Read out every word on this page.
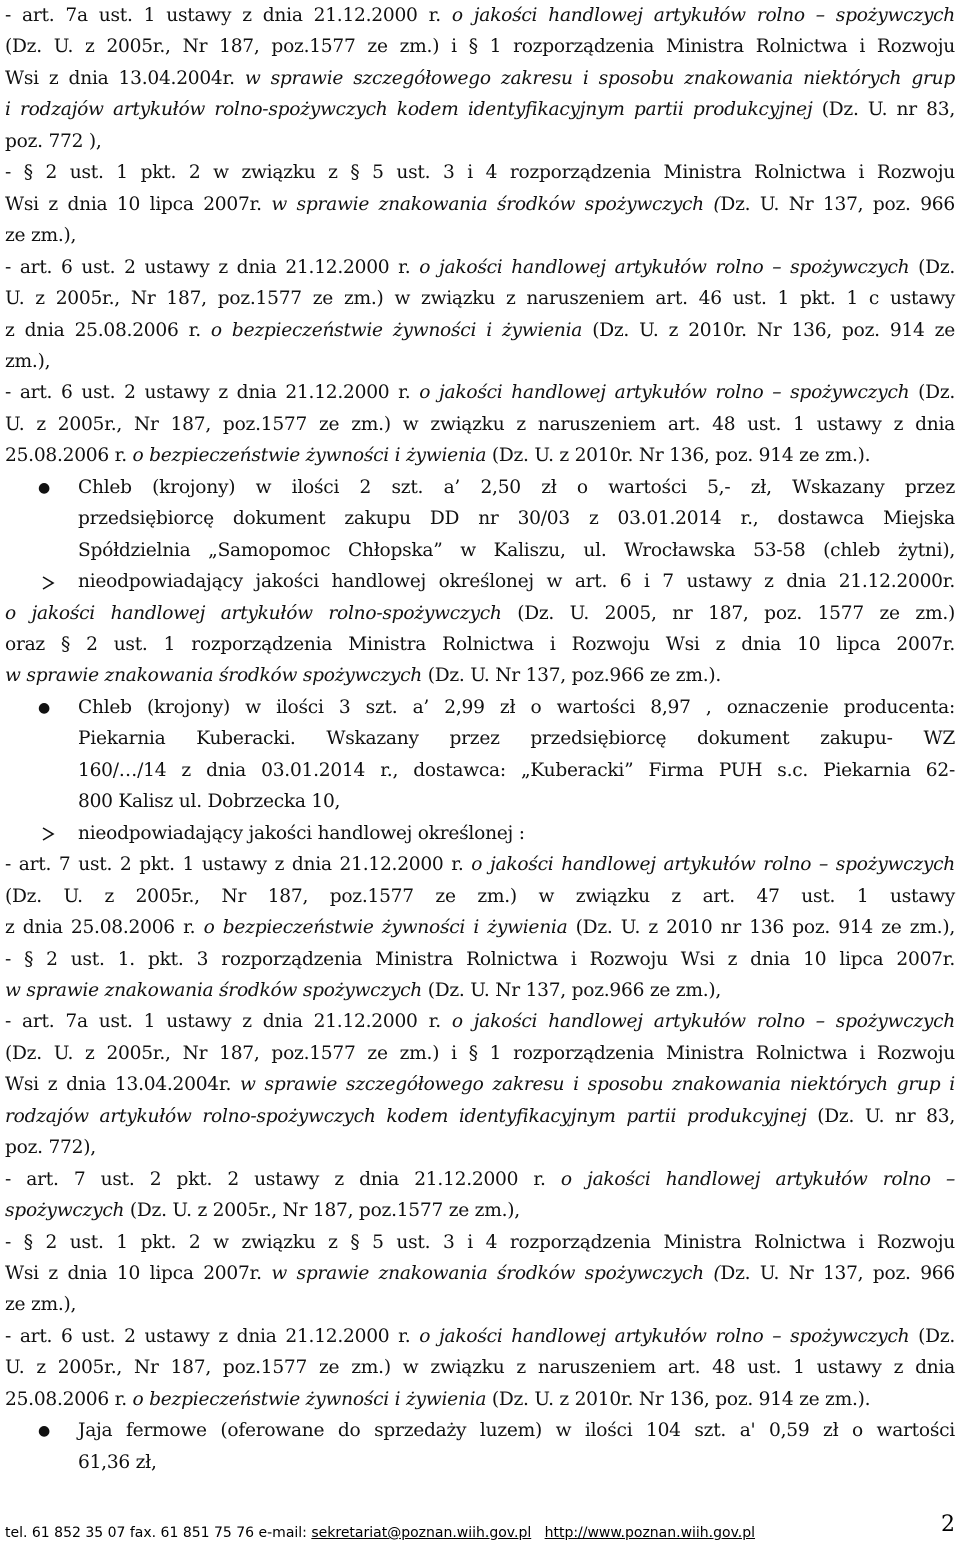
- art. 7a ust. 1 ustawy z dnia 21.12.2000 r. o jakości handlowej artykułów rolno – spożywczych
(Dz. U. z 2005r., Nr 187, poz.1577 ze zm.) i § 1 rozporządzenia Ministra Rolnictwa i Rozwoju
Wsi z dnia 13.04.2004r. w sprawie szczegółowego zakresu i sposobu znakowania niektórych grup
i rodzajów artykułów rolno-spożywczych kodem identyfikacyjnym partii produkcyjnej (Dz. U. nr 83,
poz. 772 ),
- § 2 ust. 1 pkt. 2 w związku z § 5 ust. 3 i 4 rozporządzenia Ministra Rolnictwa i Rozwoju
Wsi z dnia 10 lipca 2007r. w sprawie znakowania środków spożywczych (Dz. U. Nr 137, poz. 966
ze zm.),
- art. 6 ust. 2 ustawy z dnia 21.12.2000 r. o jakości handlowej artykułów rolno – spożywczych (Dz.
U. z 2005r., Nr 187, poz.1577 ze zm.) w związku z naruszeniem art. 46 ust. 1 pkt. 1 c ustawy
z dnia 25.08.2006 r. o bezpieczeństwie żywności i żywienia (Dz. U. z 2010r. Nr 136, poz. 914 ze
zm.),
- art. 6 ust. 2 ustawy z dnia 21.12.2000 r. o jakości handlowej artykułów rolno – spożywczych (Dz.
U. z 2005r., Nr 187, poz.1577 ze zm.) w związku z naruszeniem art. 48 ust. 1 ustawy z dnia
25.08.2006 r. o bezpieczeństwie żywności i żywienia (Dz. U. z 2010r. Nr 136, poz. 914 ze zm.).
Chleb (krojony) w ilości 2 szt. a’ 2,50 zł o wartości 5,- zł, Wskazany przez
●
przedsiębiorcę dokument zakupu DD nr 30/03 z 03.01.2014 r., dostawca Miejska
Spółdzielnia „Samopomoc Chłopska” w Kaliszu, ul. Wrocławska 53-58 (chleb żytni),
nieodpowiadający jakości handlowej określonej w art. 6 i 7 ustawy z dnia 21.12.2000r.
o jakości handlowej artykułów rolno-spożywczych (Dz. U. 2005, nr 187, poz. 1577 ze zm.)
oraz § 2 ust. 1 rozporządzenia Ministra Rolnictwa i Rozwoju Wsi z dnia 10 lipca 2007r.
w sprawie znakowania środków spożywczych (Dz. U. Nr 137, poz.966 ze zm.).
Chleb (krojony) w ilości 3 szt. a’ 2,99 zł o wartości 8,97 , oznaczenie producenta:
●
Piekarnia Kuberacki. Wskazany przez przedsiębiorcę dokument zakupu- WZ
160/…/14 z dnia 03.01.2014 r., dostawca: „Kuberacki” Firma PUH s.c. Piekarnia 62-
800 Kalisz ul. Dobrzecka 10,
nieodpowiadający jakości handlowej określonej :
- art. 7 ust. 2 pkt. 1 ustawy z dnia 21.12.2000 r. o jakości handlowej artykułów rolno – spożywczych
(Dz. U. z 2005r., Nr 187, poz.1577 ze zm.) w związku z art. 47 ust. 1 ustawy
z dnia 25.08.2006 r. o bezpieczeństwie żywności i żywienia (Dz. U. z 2010 nr 136 poz. 914 ze zm.),
- § 2 ust. 1. pkt. 3 rozporządzenia Ministra Rolnictwa i Rozwoju Wsi z dnia 10 lipca 2007r.
w sprawie znakowania środków spożywczych (Dz. U. Nr 137, poz.966 ze zm.),
- art. 7a ust. 1 ustawy z dnia 21.12.2000 r. o jakości handlowej artykułów rolno – spożywczych
(Dz. U. z 2005r., Nr 187, poz.1577 ze zm.) i § 1 rozporządzenia Ministra Rolnictwa i Rozwoju
Wsi z dnia 13.04.2004r. w sprawie szczegółowego zakresu i sposobu znakowania niektórych grup i
rodzajów artykułów rolno-spożywczych kodem identyfikacyjnym partii produkcyjnej (Dz. U. nr 83,
poz. 772),
- art. 7 ust. 2 pkt. 2 ustawy z dnia 21.12.2000 r. o jakości handlowej artykułów rolno –
spożywczych (Dz. U. z 2005r., Nr 187, poz.1577 ze zm.),
- § 2 ust. 1 pkt. 2 w związku z § 5 ust. 3 i 4 rozporządzenia Ministra Rolnictwa i Rozwoju
Wsi z dnia 10 lipca 2007r. w sprawie znakowania środków spożywczych (Dz. U. Nr 137, poz. 966
ze zm.),
- art. 6 ust. 2 ustawy z dnia 21.12.2000 r. o jakości handlowej artykułów rolno – spożywczych (Dz.
U. z 2005r., Nr 187, poz.1577 ze zm.) w związku z naruszeniem art. 48 ust. 1 ustawy z dnia
25.08.2006 r. o bezpieczeństwie żywności i żywienia (Dz. U. z 2010r. Nr 136, poz. 914 ze zm.).
Jaja fermowe (oferowane do sprzedaży luzem) w ilości 104 szt. a' 0,59 zł o wartości
●
61,36 zł,
tel. 61 852 35 07 fax. 61 851 75 76 e-mail: sekretariat@poznan.wiih.gov.pl http://www.poznan.wiih.gov.pl	2
